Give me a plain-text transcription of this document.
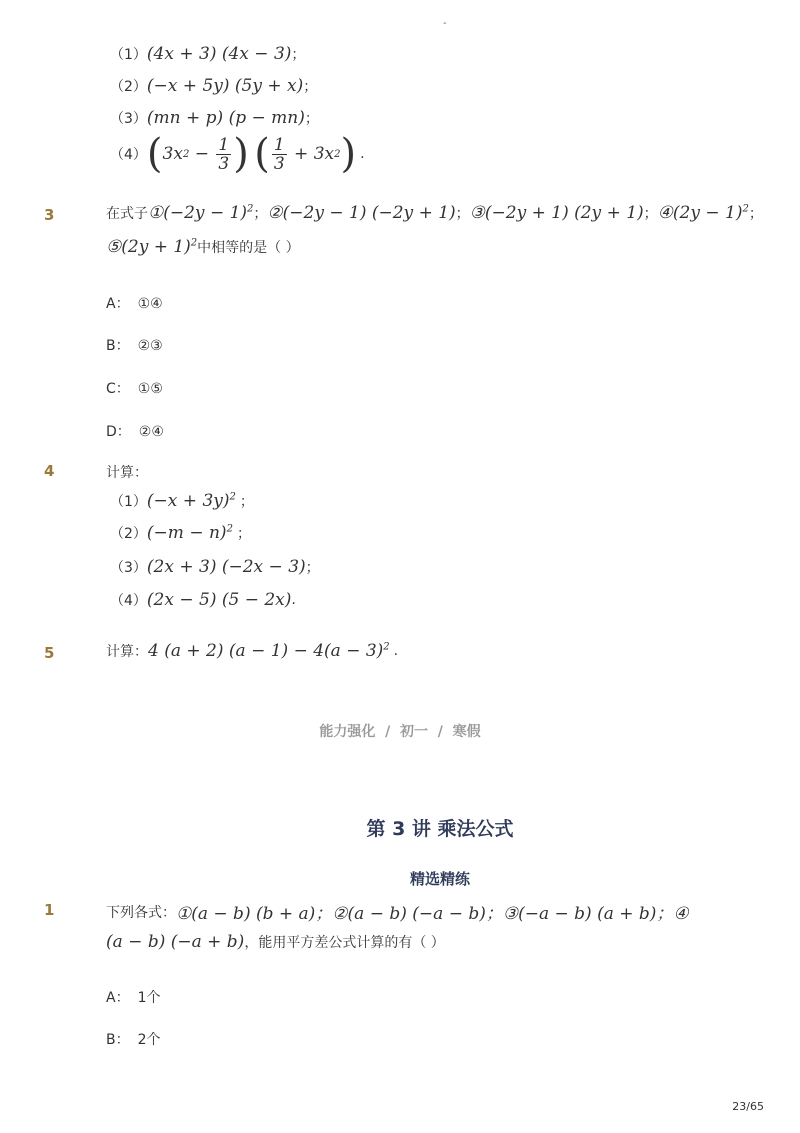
-
（1） (4x + 3) (4x − 3) ；
（2） (−x + 5y) (5y + x) ；
（3） (mn + p) (p − mn) ；
（4） ( 3x $2 - \frac{1}{3}$ )
( $\frac{1}{3} + 3x$ 2 ) .
3	在式子 ①(−2y − 1)$^2$ ； ②(−2y − 1) (−2y + 1) ； ③(−2y + 1) (2y + 1) ； ④(2y − 1)$^2$ ；
⑤(2y + 1)$^2$ 中相等的是（ ）
A： ①④
B： ②③
C： ①⑤
D： ②④
4	计算：
（1） $(-x + 3y)^2$ ；
（2） $(-m - n)^2$ ；
（3） (2x + 3) (−2x − 3) ；
（4） (2x − 5) (5 − 2x) .
5	计算： 4 (a + 2) $(a - 1) - 4(a - 3)^2$ .
能力强化  /  初一  /  寒假
第 3 讲 乘法公式
精选精练
1	下列各式： ①(a − b) (b + a)；②(a − b) (−a − b)；③(−a − b) (a + b)；④
(a − b) (−a + b) ，能用平方差公式计算的有（ ）
A： 1个
B： 2个
23/65
